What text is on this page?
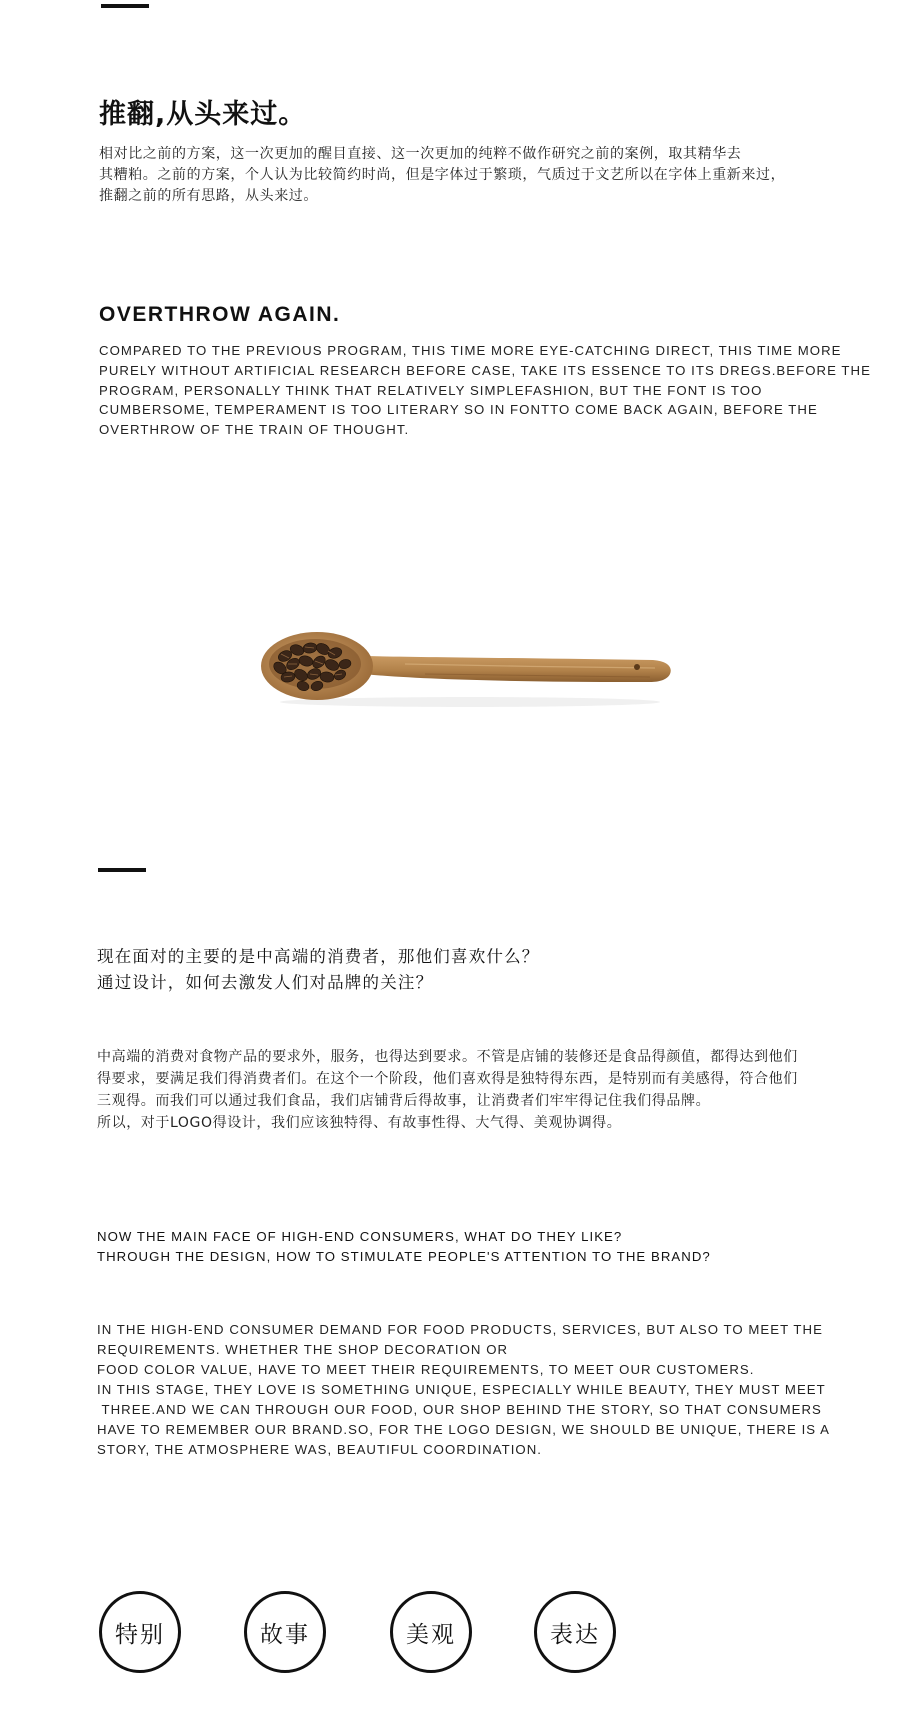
推翻,从头来过。
相对比之前的方案，这一次更加的醒目直接、这一次更加的纯粹不做作研究之前的案例，取其精华去
其糟粕。之前的方案，个人认为比较简约时尚，但是字体过于繁琐，气质过于文艺所以在字体上重新来过，
推翻之前的所有思路，从头来过。
OVERTHROW AGAIN.
COMPARED TO THE PREVIOUS PROGRAM, THIS TIME MORE EYE-CATCHING DIRECT, THIS TIME MORE
PURELY WITHOUT ARTIFICIAL RESEARCH BEFORE CASE, TAKE ITS ESSENCE TO ITS DREGS.BEFORE THE
PROGRAM, PERSONALLY THINK THAT RELATIVELY SIMPLEFASHION, BUT THE FONT IS TOO
CUMBERSOME, TEMPERAMENT IS TOO LITERARY SO IN FONTTO COME BACK AGAIN, BEFORE THE
OVERTHROW OF THE TRAIN OF THOUGHT.
现在面对的主要的是中高端的消费者，那他们喜欢什么？
通过设计，如何去激发人们对品牌的关注？
中高端的消费对食物产品的要求外，服务，也得达到要求。不管是店铺的装修还是食品得颜值，都得达到他们
得要求，要满足我们得消费者们。在这个一个阶段，他们喜欢得是独特得东西，是特别而有美感得，符合他们
三观得。而我们可以通过我们食品，我们店铺背后得故事，让消费者们牢牢得记住我们得品牌。
所以，对于LOGO得设计，我们应该独特得、有故事性得、大气得、美观协调得。
NOW THE MAIN FACE OF HIGH-END CONSUMERS, WHAT DO THEY LIKE?
THROUGH THE DESIGN, HOW TO STIMULATE PEOPLE'S ATTENTION TO THE BRAND?
IN THE HIGH-END CONSUMER DEMAND FOR FOOD PRODUCTS, SERVICES, BUT ALSO TO MEET THE
REQUIREMENTS. WHETHER THE SHOP DECORATION OR
FOOD COLOR VALUE, HAVE TO MEET THEIR REQUIREMENTS, TO MEET OUR CUSTOMERS.
IN THIS STAGE, THEY LOVE IS SOMETHING UNIQUE, ESPECIALLY WHILE BEAUTY, THEY MUST MEET
THREE.AND WE CAN THROUGH OUR FOOD, OUR SHOP BEHIND THE STORY, SO THAT CONSUMERS
HAVE TO REMEMBER OUR BRAND.SO, FOR THE LOGO DESIGN, WE SHOULD BE UNIQUE, THERE IS A
STORY, THE ATMOSPHERE WAS, BEAUTIFUL COORDINATION.
特别	故事	美观	表达
